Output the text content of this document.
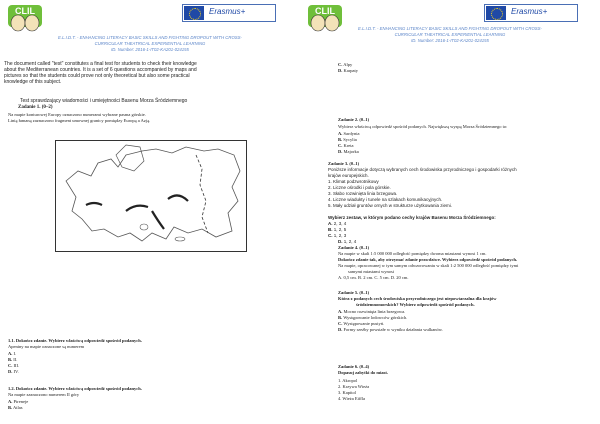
CLIL	Erasmus+
E.L.I.D.T. - ENHANCING LITERACY BASIC SKILLS AND FIGHTING DROPOUT WITH CROSS-
CURRICULAR THEATRICAL EXPERIENTIAL LEARNING
ID. Number: 2016-1-IT02-KA201-024155
The document called "test" constitutes a final test for students to check their knowledge
about the Mediterranean countries. It is a set of 6 questions accompanied by maps and
pictures so that the students could prove not only theoretical but also some practical
knowledge of this subject.
Test sprawdzający wiadomości i umiejętności Basenu Morza Śródziemnego
Zadanie 1. (0–2)
Na mapie konturowej Europy oznaczono numerami wybrane pasma górskie.
Linią łamaną zaznaczono fragment umownej granicy pomiędzy Europą a Azją.
1.1. Dokończ zdanie. Wybierz właściwą odpowiedź spośród podanych.
Apeniny na mapie oznaczone są numerem
A. I.
B. II.
C. III.
D. IV.
1.2. Dokończ zdanie. Wybierz właściwą odpowiedź spośród podanych.
Na mapie zaznaczono numerem II góry
A. Pireneje
B. Atlas
CLIL	Erasmus+
E.L.I.D.T. - ENHANCING LITERACY BASIC SKILLS AND FIGHTING DROPOUT WITH CROSS-
CURRICULAR THEATRICAL EXPERIENTIAL LEARNING
ID. Number: 2016-1-IT02-KA201-024155
C. Alpy
D. Karpaty
Zadanie 2. (0–1)
Wybierz właściwą odpowiedź spośród podanych. Największą wyspą Morza Śródziemnego to:
A. Sardynia
B. Sycylia
C. Kreta
D. Majorka
Zadanie 3. (0–1)
Poniższe informacje dotyczą wybranych cech środowiska przyrodniczego i gospodarki różnych
krajów europejskich.
1. Klimat podzwrotnikowy
2. Liczne ośrodki i pola górskie.
3. Słabo rozwinięta linia brzegowa.
4. Liczne wiadukty i tunele na szlakach komunikacyjnych.
5. Mały udział gruntów ornych w strukturze użytkowania ziemi.
Wybierz zestaw, w którym podano cechy krajów Basenu Morza Śródziemnego:
A. 2, 3, 4
B. 1, 2, 5
C. 1, 2, 3
D. 1, 2, 4
Zadanie 4. (0–1)
Na mapie w skali 1:5 000 000 odległość pomiędzy dwoma miastami wynosi 1 cm.
Dokończ zdanie tak, aby otrzymać zdanie prawdziwe. Wybierz odpowiedź spośród podanych.
Na mapie, opracowanej w tym samym odwzorowaniu w skali 1:2 500 000 odległość pomiędzy tymi
samymi miastami wynosi
A. 0,5 cm. B. 2 cm. C. 5 cm. D. 20 cm.
Zadanie 5. (0–1)
Która z podanych cech środowiska przyrodniczego jest niepowtarzalna dla krajów
śródziemnomorskich? Wybierz odpowiedź spośród podanych.
A. Mocno rozwinięta linia brzegowa.
B. Występowanie lodowców górskich.
C. Występowanie pustyń.
D. Formy rzeźby powstałe w wyniku działania wulkanów.
Zadanie 6. (0–4)
Dopasuj zabytki do miast.
1. Akropol
2. Krzywa Wieża
3. Kapitol
4. Wieża Eiffla
